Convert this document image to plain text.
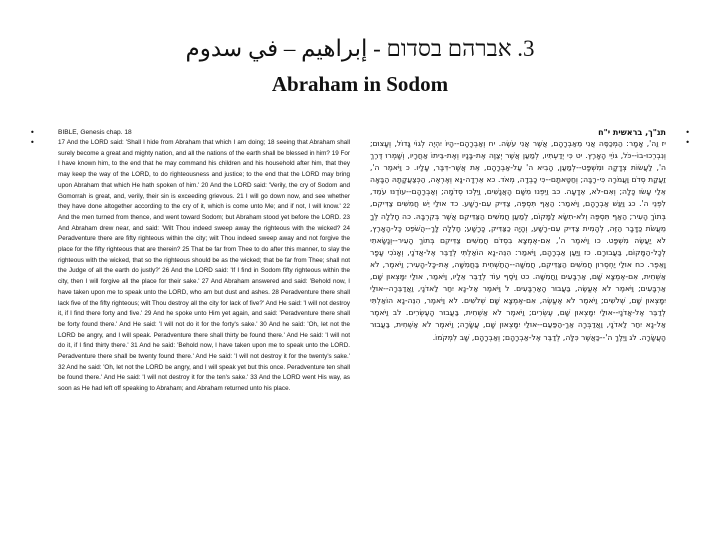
3. אברהם בסדום - إبراهيم – في سدوم
Abraham in Sodom
•
•
BIBLE, Genesis chap. 18

17 And the LORD said: 'Shall I hide from Abraham that which I am doing; 18 seeing that Abraham shall surely become a great and mighty nation, and all the nations of the earth shall be blessed in him? 19 For I have known him, to the end that he may command his children and his household after him, that they may keep the way of the LORD, to do righteousness and justice; to the end that the LORD may bring upon Abraham that which He hath spoken of him.' 20 And the LORD said: 'Verily, the cry of Sodom and Gomorrah is great, and, verily, their sin is exceeding grievous. 21 I will go down now, and see whether they have done altogether according to the cry of it, which is come unto Me; and if not, I will know.' 22 And the men turned from thence, and went toward Sodom; but Abraham stood yet before the LORD. 23 And Abraham drew near, and said: 'Wilt Thou indeed sweep away the righteous with the wicked? 24 Peradventure there are fifty righteous within the city; wilt Thou indeed sweep away and not forgive the place for the fifty righteous that are therein? 25 That be far from Thee to do after this manner, to slay the righteous with the wicked, that so the righteous should be as the wicked; that be far from Thee; shall not the Judge of all the earth do justly?' 26 And the LORD said: 'If I find in Sodom fifty righteous within the city, then I will forgive all the place for their sake.' 27 And Abraham answered and said: 'Behold now, I have taken upon me to speak unto the LORD, who am but dust and ashes. 28 Peradventure there shall lack five of the fifty righteous; wilt Thou destroy all the city for lack of five?' And He said: 'I will not destroy it, if I find there forty and five.' 29 And he spoke unto Him yet again, and said: 'Peradventure there shall be forty found there.' And He said: 'I will not do it for the forty's sake.' 30 And he said: 'Oh, let not the LORD be angry, and I will speak. Peradventure there shall thirty be found there.' And He said: 'I will not do it, if I find thirty there.' 31 And he said: 'Behold now, I have taken upon me to speak unto the LORD. Peradventure there shall be twenty found there.' And He said: 'I will not destroy it for the twenty's sake.' 32 And he said: 'Oh, let not the LORD be angry, and I will speak yet but this once. Peradventure ten shall be found there.' And He said: 'I will not destroy it for the ten's sake.' 33 And the LORD went His way, as soon as He had left off speaking to Abraham; and Abraham returned unto his place.

תנ"ך, בראשית י"ח

יז וַה', אָמָר: הַמְכַסֶּה אֲנִי מֵאַבְרָהָם, אֲשֶׁר אֲנִי עֹשֶׂה. יח וְאַבְרָהָם--הָיוֹ יִהְיֶה לְגוֹי גָּדוֹל, וְעָצוּם; וְנִבְרְכוּ-בוֹ--כֹּל, גּוֹיֵי הָאָרֶץ. יט כִּי יְדַעְתִּיו, לְמַעַן אֲשֶׁר יְצַוֶּה אֶת-בָּנָיו וְאֶת-בֵּיתוֹ אַחֲרָיו, וְשָׁמְרוּ דֶּרֶךְ ה', לַעֲשׂוֹת צְדָקָה וּמִשְׁפָּט--לְמַעַן, הָבִיא ה' עַל-אַבְרָהָם, אֵת אֲשֶׁר-דִּבֶּר, עָלָיו. כ וַיֹּאמֶר ה', זַעֲקַת סְדֹם וַעֲמֹרָה כִּי-רָבָּה; וְחַטָּאתָם--כִּי כָבְדָה, מְאֹד. כא אֵרְדָה-נָּא וְאֶרְאֶה, הַכְּצַעֲקָתָהּ הַבָּאָה אֵלַי עָשׂוּ כָּלָה; וְאִם-לֹא, אֵדָעָה. כב וַיִּפְנוּ מִשָּׁם הָאֲנָשִׁים, וַיֵּלְכוּ סְדֹמָה; וְאַבְרָהָם--עוֹדֶנּוּ עֹמֵד, לִפְנֵי ה'. כג וַיִּגַּשׁ אַבְרָהָם, וַיֹּאמַר: הַאַף תִּסְפֶּה, צַדִּיק עִם-רָשָׁע. כד אוּלַי יֵשׁ חֲמִשִּׁים צַדִּיקִם, בְּתוֹךְ הָעִיר; הַאַף תִּסְפֶּה וְלֹא-תִשָּׂא לַמָּקוֹם, לְמַעַן חֲמִשִּׁים הַצַּדִּיקִם אֲשֶׁר בְּקִרְבָּהּ. כה חָלִלָה לְּךָ מֵעֲשֹׂת כַּדָּבָר הַזֶּה, לְהָמִית צַדִּיק עִם-רָשָׁע, וְהָיָה כַצַּדִּיק, כָּרָשָׁע; חָלִלָה לָּךְ--הֲשֹׁפֵט כָּל-הָאָרֶץ, לֹא יַעֲשֶׂה מִשְׁפָּט. כו וַיֹּאמֶר ה', אִם-אֶמְצָא בִסְדֹם חֲמִשִּׁים צַדִּיקִם בְּתוֹךְ הָעִיר--וְנָשָׂאתִי לְכָל-הַמָּקוֹם, בַּעֲבוּרָם. כז וַיַּעַן אַבְרָהָם, וַיֹּאמַר: הִנֵּה-נָא הוֹאַלְתִּי לְדַבֵּר אֶל-אֲדֹנָי, וְאָנֹכִי עָפָר וָאֵפֶר. כח אוּלַי יַחְסְרוּן חֲמִשִּׁים הַצַּדִּיקִם, חֲמִשָּׁה--הֲתַשְׁחִית בַּחֲמִשָּׁה, אֶת-כָּל-הָעִיר; וַיֹּאמֶר, לֹא אַשְׁחִית, אִם-אֶמְצָא שָׁם, אַרְבָּעִים וַחֲמִשָּׁה. כט וַיֹּסֶף עוֹד לְדַבֵּר אֵלָיו, וַיֹּאמַר, אוּלַי יִמָּצְאוּן שָׁם, אַרְבָּעִים; וַיֹּאמֶר לֹא אֶעֱשֶׂה, בַּעֲבוּר הָאַרְבָּעִים. ל וַיֹּאמֶר אַל-נָא יִחַר לַאדֹנָי, וַאֲדַבֵּרָה--אוּלַי יִמָּצְאוּן שָׁם, שְׁלֹשִׁים; וַיֹּאמֶר לֹא אֶעֱשֶׂה, אִם-אֶמְצָא שָׁם שְׁלֹשִׁים. לא וַיֹּאמֶר, הִנֵּה-נָא הוֹאַלְתִּי לְדַבֵּר אֶל-אֲדֹנָי--אוּלַי יִמָּצְאוּן שָׁם, עֶשְׂרִים; וַיֹּאמֶר לֹא אַשְׁחִית, בַּעֲבוּר הָעֶשְׂרִים. לב וַיֹּאמֶר אַל-נָא יִחַר לַאדֹנָי, וַאֲדַבְּרָה אַךְ-הַפַּעַם--אוּלַי יִמָּצְאוּן שָׁם, עֲשָׂרָה; וַיֹּאמֶר לֹא אַשְׁחִית, בַּעֲבוּר הָעֲשָׂרָה. לג וַיֵּלֶךְ ה'--כַּאֲשֶׁר כִּלָּה, לְדַבֵּר אֶל-אַבְרָהָם; וְאַבְרָהָם, שָׁב לִמְקֹמוֹ.

•
•
